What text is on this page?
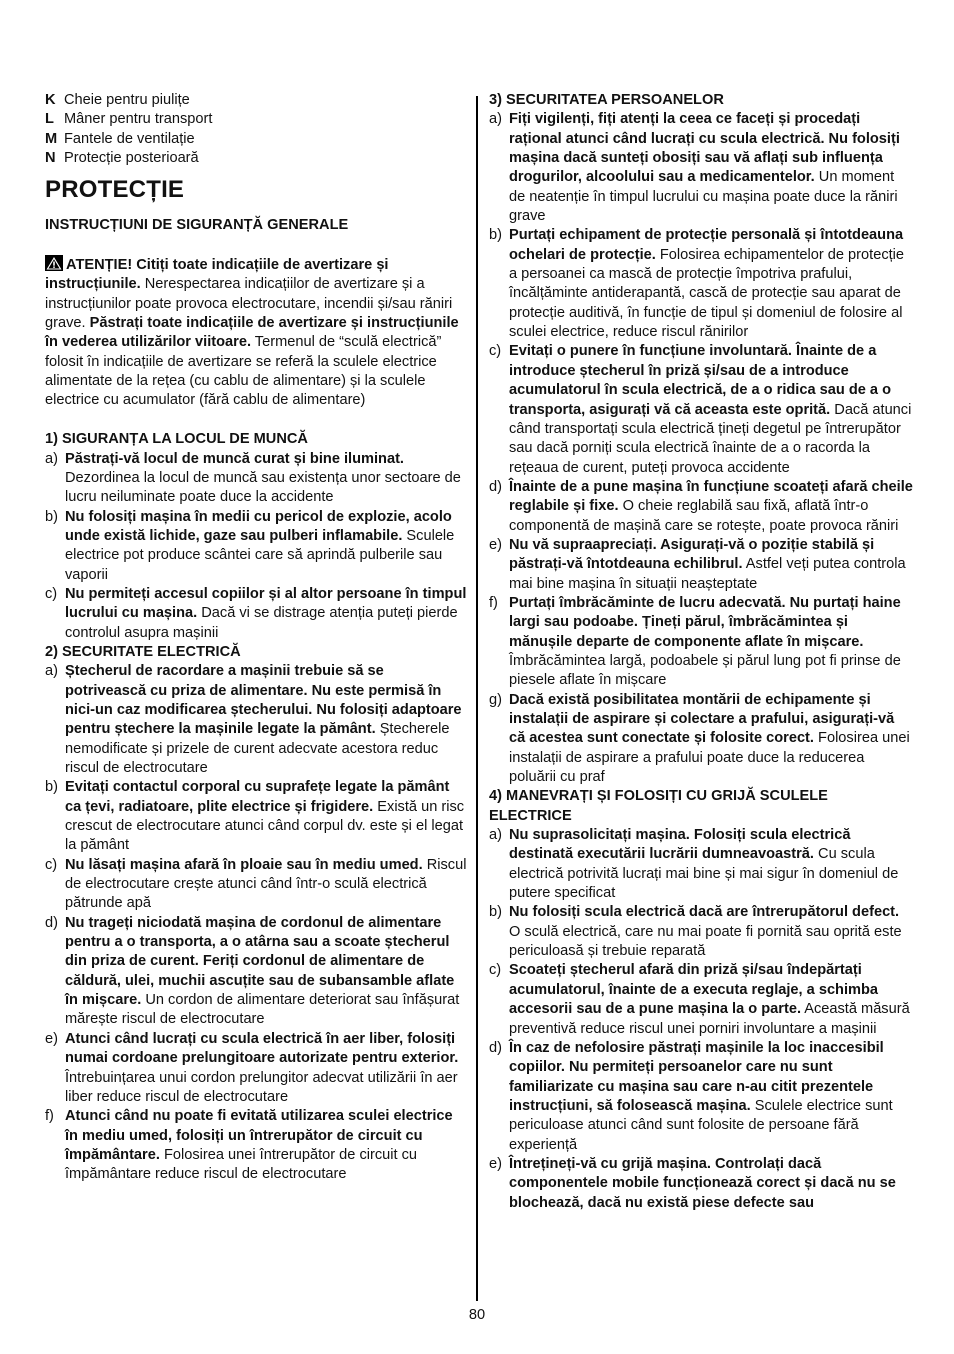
K Cheie pentru piulițe
L Mâner pentru transport
M Fantele de ventilație
N Protecție posterioară
PROTECȚIE
INSTRUCȚIUNI DE SIGURANȚĂ GENERALE
ATENȚIE! Citiți toate indicațiile de avertizare și instrucțiunile. Nerespectarea indicațiilor de avertizare și a instrucțiunilor poate provoca electrocutare, incendii și/sau răniri grave. Păstrați toate indicațiile de avertizare și instrucțiunile în vederea utilizărilor viitoare. Termenul de “sculă electrică” folosit în indicațiile de avertizare se referă la sculele electrice alimentate de la rețea (cu cablu de alimentare) și la sculele electrice cu acumulator (fără cablu de alimentare)
1) SIGURANȚA LA LOCUL DE MUNCĂ
a) Păstrați-vă locul de muncă curat și bine iluminat. Dezordinea la locul de muncă sau existența unor sectoare de lucru neiluminate poate duce la accidente
b) Nu folosiți mașina în medii cu pericol de explozie, acolo unde există lichide, gaze sau pulberi inflamabile. Sculele electrice pot produce scântei care să aprindă pulberile sau vaporii
c) Nu permiteți accesul copiilor și al altor persoane în timpul lucrului cu mașina. Dacă vi se distrage atenția puteți pierde controlul asupra mașinii
2) SECURITATE ELECTRICĂ
a) Ștecherul de racordare a mașinii trebuie să se potrivească cu priza de alimentare. Nu este permisă în nici-un caz modificarea ștecherului. Nu folosiți adaptoare pentru ștechere la mașinile legate la pământ. Ștecherele nemodificate și prizele de curent adecvate acestora reduc riscul de electrocutare
b) Evitați contactul corporal cu suprafețe legate la pământ ca țevi, radiatoare, plite electrice și frigidere. Există un risc crescut de electrocutare atunci când corpul dv. este și el legat la pământ
c) Nu lăsați mașina afară în ploaie sau în mediu umed. Riscul de electrocutare crește atunci când într-o sculă electrică pătrunde apă
d) Nu trageți niciodată mașina de cordonul de alimentare pentru a o transporta, a o atârna sau a scoate ștecherul din priza de curent. Feriți cordonul de alimentare de căldură, ulei, muchii ascuțite sau de subansamble aflate în mișcare. Un cordon de alimentare deteriorat sau înfășurat mărește riscul de electrocutare
e) Atunci când lucrați cu scula electrică în aer liber, folosiți numai cordoane prelungitoare autorizate pentru exterior. Întrebuințarea unui cordon prelungitor adecvat utilizării în aer liber reduce riscul de electrocutare
f) Atunci când nu poate fi evitată utilizarea sculei electrice în mediu umed, folosiți un întrerupător de circuit cu împământare. Folosirea unei întrerupător de circuit cu împământare reduce riscul de electrocutare
3) SECURITATEA PERSOANELOR
a) Fiți vigilenți, fiți atenți la ceea ce faceți și procedați rațional atunci când lucrați cu scula electrică. Nu folosiți mașina dacă sunteți obosiți sau vă aflați sub influența drogurilor, alcoolului sau a medicamentelor. Un moment de neatenție în timpul lucrului cu mașina poate duce la răniri grave
b) Purtați echipament de protecție personală și întotdeauna ochelari de protecție. Folosirea echipamentelor de protecție a persoanei ca mască de protecție împotriva prafului, încălțăminte antiderapantă, cască de protecție sau aparat de protecție auditivă, în funcție de tipul și domeniul de folosire al sculei electrice, reduce riscul rănirilor
c) Evitați o punere în funcțiune involuntară. Înainte de a introduce ștecherul în priză și/sau de a introduce acumulatorul în scula electrică, de a o ridica sau de a o transporta, asigurați vă că aceasta este oprită. Dacă atunci când transportați scula electrică țineți degetul pe întrerupător sau dacă porniți scula electrică înainte de a o racorda la rețeaua de curent, puteți provoca accidente
d) Înainte de a pune mașina în funcțiune scoateți afară cheile reglabile și fixe. O cheie reglabilă sau fixă, aflată într-o componentă de mașină care se rotește, poate provoca răniri
e) Nu vă supraapreciați. Asigurați-vă o poziție stabilă și păstrați-vă întotdeauna echilibrul. Astfel veți putea controla mai bine mașina în situații neașteptate
f) Purtați îmbrăcăminte de lucru adecvată. Nu purtați haine largi sau podoabe. Țineți părul, îmbrăcămintea și mănușile departe de componente aflate în mișcare. Îmbrăcămintea largă, podoabele și părul lung pot fi prinse de piesele aflate în mișcare
g) Dacă există posibilitatea montării de echipamente și instalații de aspirare și colectare a prafului, asigurați-vă că acestea sunt conectate și folosite corect. Folosirea unei instalații de aspirare a prafului poate duce la reducerea poluării cu praf
4) MANEVRAȚI ȘI FOLOSIȚI CU GRIJĂ SCULELE ELECTRICE
a) Nu suprasolicitați mașina. Folosiți scula electrică destinată executării lucrării dumneavoastră. Cu scula electrică potrivită lucrați mai bine și mai sigur în domeniul de putere specificat
b) Nu folosiți scula electrică dacă are întrerupătorul defect. O sculă electrică, care nu mai poate fi pornită sau oprită este periculoasă și trebuie reparată
c) Scoateți ștecherul afară din priză și/sau îndepărtați acumulatorul, înainte de a executa reglaje, a schimba accesorii sau de a pune mașina la o parte. Această măsură preventivă reduce riscul unei porniri involuntare a mașinii
d) În caz de nefolosire păstrați mașinile la loc inaccesibil copiilor. Nu permiteți persoanelor care nu sunt familiarizate cu mașina sau care n-au citit prezentele instrucțiuni, să folosească mașina. Sculele electrice sunt periculoase atunci când sunt folosite de persoane fără experiență
e) Întrețineți-vă cu grijă mașina. Controlați dacă componentele mobile funcționează corect și dacă nu se blochează, dacă nu există piese defecte sau
80
